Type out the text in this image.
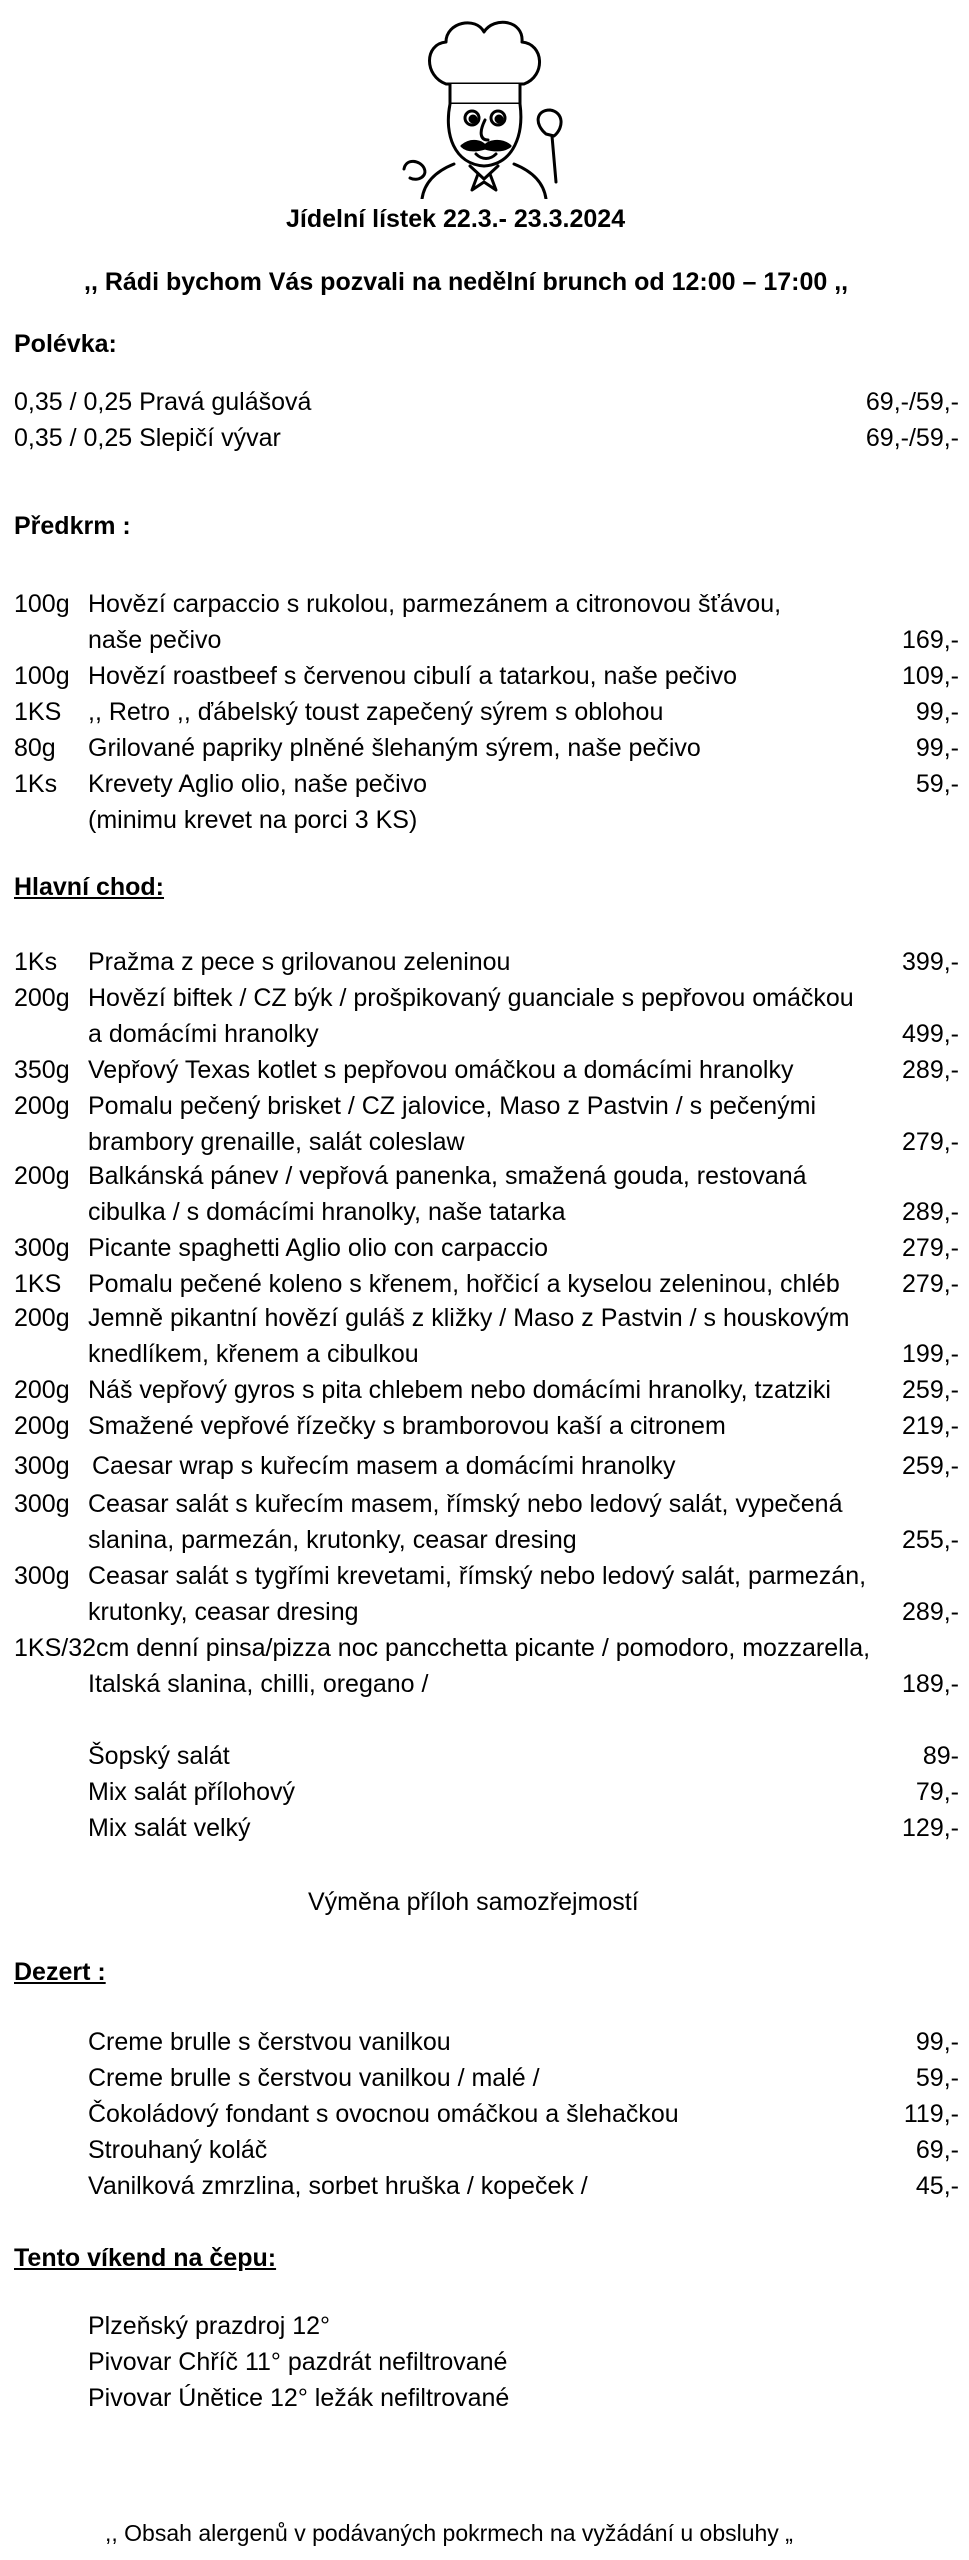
Jídelní lístek 22.3.- 23.3.2024
,, Rádi bychom Vás pozvali na nedělní brunch od 12:00 – 17:00 ,,
Polévka:
0,35 / 0,25 Pravá gulášová	69,-/59,-
0,35 / 0,25 Slepičí vývar	69,-/59,-
Předkrm :
100g Hovězí carpaccio s rukolou, parmezánem a citronovou šťávou,
naše pečivo	169,-
100g Hovězí roastbeef s červenou cibulí a tatarkou, naše pečivo	109,-
1KS ,, Retro ,, ďábelský toust zapečený sýrem s oblohou	99,-
80g Grilované papriky plněné šlehaným sýrem, naše pečivo	99,-
1Ks Krevety Aglio olio, naše pečivo	59,-
(minimu krevet na porci 3 KS)
Hlavní chod:
1Ks Pražma z pece s grilovanou zeleninou	399,-
200g Hovězí biftek / CZ býk / prošpikovaný guanciale s pepřovou omáčkou
a domácími hranolky	499,-
350g Vepřový Texas kotlet s pepřovou omáčkou a domácími hranolky	289,-
200g Pomalu pečený brisket / CZ jalovice, Maso z Pastvin / s pečenými
brambory grenaille, salát coleslaw	279,-
200g Balkánská pánev / vepřová panenka, smažená gouda, restovaná
cibulka / s domácími hranolky, naše tatarka	289,-
300g Picante spaghetti Aglio olio con carpaccio	279,-
1KS Pomalu pečené koleno s křenem, hořčicí a kyselou zeleninou, chléb 279,-
200g Jemně pikantní hovězí guláš z kližky / Maso z Pastvin / s houskovým
knedlíkem, křenem a cibulkou	199,-
200g Náš vepřový gyros s pita chlebem nebo domácími hranolky, tzatziki	259,-
200g Smažené vepřové řízečky s bramborovou kaší a citronem	219,-
300g Caesar wrap s kuřecím masem a domácími hranolky	259,-
300g Ceasar salát s kuřecím masem, římský nebo ledový salát, vypečená
slanina, parmezán, krutonky, ceasar dresing	255,-
300g Ceasar salát s tygřími krevetami, římský nebo ledový salát, parmezán,
krutonky, ceasar dresing	289,-
1KS/32cm denní pinsa/pizza noc pancchetta picante / pomodoro, mozzarella,
Italská slanina, chilli, oregano /	189,-
Šopský salát	89-
Mix salát přílohový	79,-
Mix salát velký	129,-
Výměna příloh samozřejmostí
Dezert :
Creme brulle s čerstvou vanilkou	99,-
Creme brulle s čerstvou vanilkou / malé /	59,-
Čokoládový fondant s ovocnou omáčkou a šlehačkou	119,-
Strouhaný koláč	69,-
Vanilková zmrzlina, sorbet hruška / kopeček /	45,-
Tento víkend na čepu:
Plzeňský prazdroj 12°
Pivovar Chříč 11° pazdrát nefiltrované
Pivovar Únětice 12° ležák nefiltrované
,, Obsah alergenů v podávaných pokrmech na vyžádání u obsluhy „
